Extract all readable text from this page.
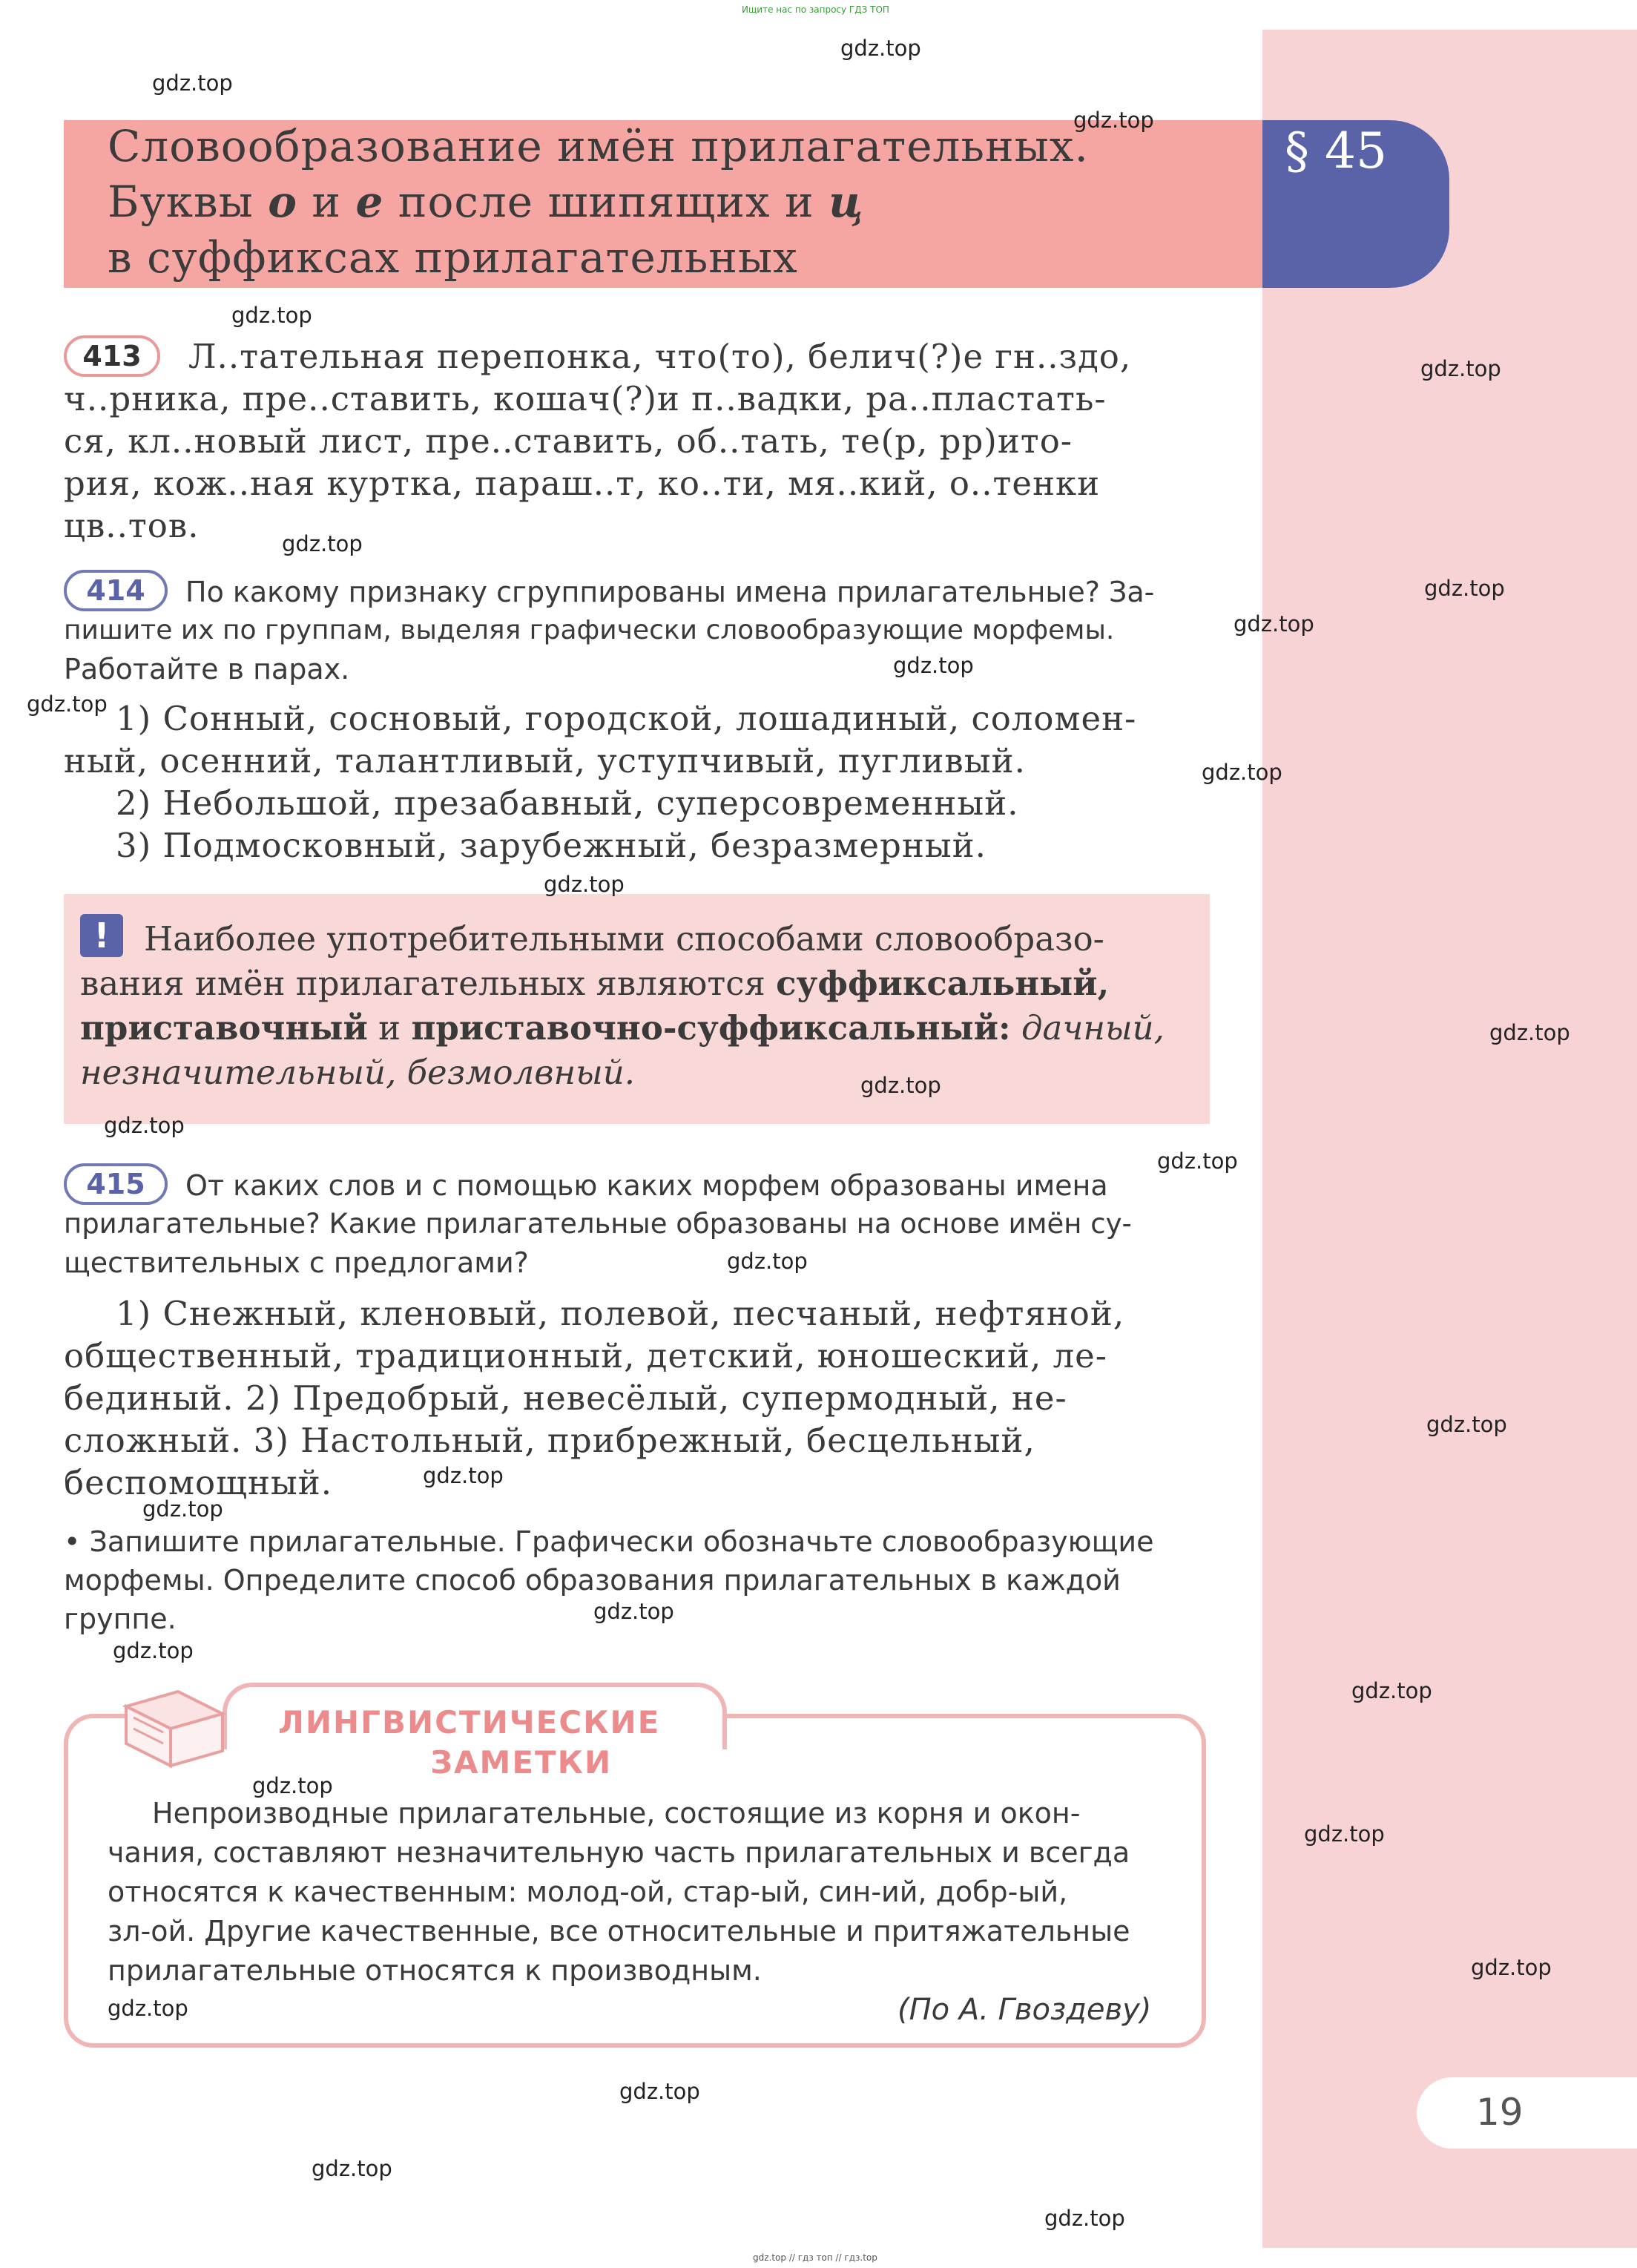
19
Ищите нас по запросу ГДЗ ТОП
gdz.top // гдз топ // гдз.top
§ 45
Словообразование имён прилагательных.
Буквы о и е после шипящих и ц
в суффиксах прилагательных
413	Л..тательная перепонка, что(то), белич(?)е гн..здо,
ч..рника, пре..ставить, кошач(?)и п..вадки, ра..пластать-
ся, кл..новый лист, пре..ставить, об..тать, те(р, рр)ито-
рия, кож..ная куртка, параш..т, ко..ти, мя..кий, о..тенки
цв..тов.
414	По какому признаку сгруппированы имена прилагательные? За-
пишите их по группам, выделяя графически словообразующие морфемы.
Работайте в парах.
1) Сонный, сосновый, городской, лошадиный, соломен-
ный, осенний, талантливый, уступчивый, пугливый.
2) Небольшой, презабавный, суперсовременный.
3) Подмосковный, зарубежный, безразмерный.
!	Наиболее употребительными способами словообразо-
вания имён прилагательных являются суффиксальный,
приставочный и приставочно-суффиксальный: дачный,
незначительный, безмолвный.
415	От каких слов и с помощью каких морфем образованы имена
прилагательные? Какие прилагательные образованы на основе имён су-
ществительных с предлогами?
1) Снежный, кленовый, полевой, песчаный, нефтяной,
общественный, традиционный, детский, юношеский, ле-
бединый. 2) Предобрый, невесёлый, супермодный, не-
сложный. 3) Настольный, прибрежный, бесцельный,
беспомощный.
• Запишите прилагательные. Графически обозначьте словообразующие
морфемы. Определите способ образования прилагательных в каждой
группе.
ЛИНГВИСТИЧЕСКИЕ
ЗАМЕТКИ
Непроизводные прилагательные, состоящие из корня и окон-
чания, составляют незначительную часть прилагательных и всегда
относятся к качественным: молод-ой, стар-ый, син-ий, добр-ый,
зл-ой. Другие качественные, все относительные и притяжательные
прилагательные относятся к производным.
(По А. Гвоздеву)
gdz.top
gdz.top
gdz.top
gdz.top
gdz.top
gdz.top
gdz.top
gdz.top
gdz.top
gdz.top
gdz.top
gdz.top
gdz.top
gdz.top
gdz.top
gdz.top
gdz.top
gdz.top
gdz.top
gdz.top
gdz.top
gdz.top
gdz.top
gdz.top
gdz.top
gdz.top
gdz.top
gdz.top
gdz.top
gdz.top
